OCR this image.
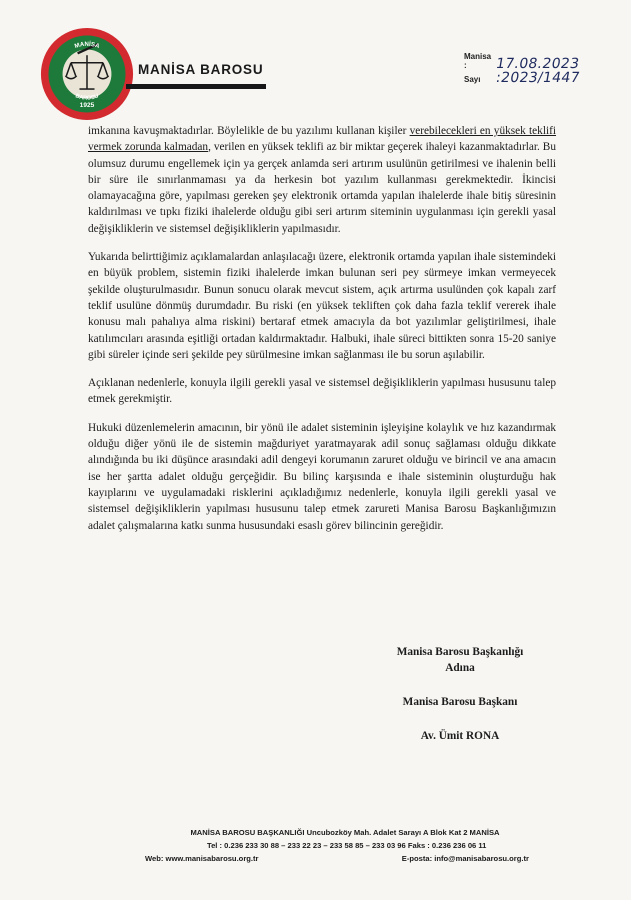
1925
MANİSA
BAROSU
MANİSA BAROSU
Manisa : 17.08.2023
Sayı :2023/1447

imkanına kavuşmaktadırlar. Böylelikle de bu yazılımı kullanan kişiler verebilecekleri en yüksek teklifi vermek zorunda kalmadan, verilen en yüksek teklifi az bir miktar geçerek ihaleyi kazanmaktadırlar. Bu olumsuz durumu engellemek için ya gerçek anlamda seri artırım usulünün getirilmesi ve ihalenin belli bir süre ile sınırlanmaması ya da herkesin bot yazılım kullanması gerekmektedir. İkincisi olamayacağına göre, yapılması gereken şey elektronik ortamda yapılan ihalelerde ihale bitiş süresinin kaldırılması ve tıpkı fiziki ihalelerde olduğu gibi seri artırım siteminin uygulanması için gerekli yasal değişikliklerin ve sistemsel değişikliklerin yapılmasıdır.

Yukarıda belirttiğimiz açıklamalardan anlaşılacağı üzere, elektronik ortamda yapılan ihale sistemindeki en büyük problem, sistemin fiziki ihalelerde imkan bulunan seri pey sürmeye imkan vermeyecek şekilde oluşturulmasıdır. Bunun sonucu olarak mevcut sistem, açık artırma usulünden çok kapalı zarf teklif usulüne dönmüş durumdadır. Bu riski (en yüksek tekliften çok daha fazla teklif vererek ihale konusu malı pahalıya alma riskini) bertaraf etmek amacıyla da bot yazılımlar geliştirilmesi, ihale katılımcıları arasında eşitliği ortadan kaldırmaktadır. Halbuki, ihale süreci bittikten sonra 15-20 saniye gibi süreler içinde seri şekilde pey sürülmesine imkan sağlanması ile bu sorun aşılabilir.

Açıklanan nedenlerle, konuyla ilgili gerekli yasal ve sistemsel değişikliklerin yapılması hususunu talep etmek gerekmiştir.

Hukuki düzenlemelerin amacının, bir yönü ile adalet sisteminin işleyişine kolaylık ve hız kazandırmak olduğu diğer yönü ile de sistemin mağduriyet yaratmayarak adil sonuç sağlaması olduğu dikkate alındığında bu iki düşünce arasındaki adil dengeyi korumanın zaruret olduğu ve birincil ve ana amacın ise her şartta adalet olduğu gerçeğidir. Bu bilinç karşısında e ihale sisteminin oluşturduğu hak kayıplarını ve uygulamadaki risklerini açıkladığımız nedenlerle, konuyla ilgili gerekli yasal ve sistemsel değişikliklerin yapılması hususunu talep etmek zarureti Manisa Barosu Başkanlığımızın adalet çalışmalarına katkı sunma hususundaki esaslı görev bilincinin gereğidir.

Manisa Barosu Başkanlığı
Adına
Manisa Barosu Başkanı
Av. Ümit RONA
MANİSA BAROSU BAŞKANLIĞI Uncubozköy Mah. Adalet Sarayı A Blok Kat 2 MANİSA
Tel : 0.236 233 30 88 – 233 22 23 – 233 58 85 – 233 03 96 Faks : 0.236 236 06 11
Web: www.manisabarosu.org.tr	E-posta: info@manisabarosu.org.tr
